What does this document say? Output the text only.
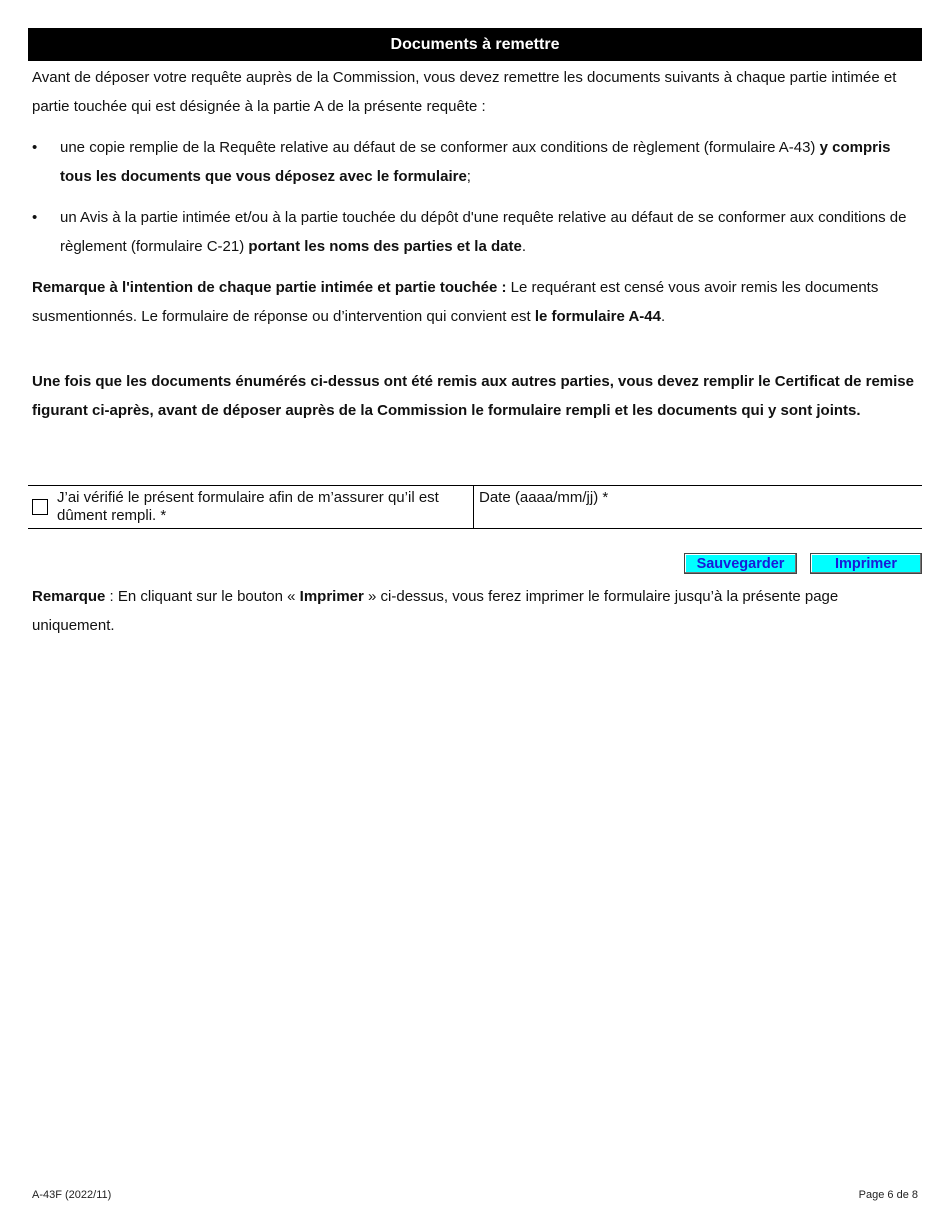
Documents à remettre

Avant de déposer votre requête auprès de la Commission, vous devez remettre les documents suivants à chaque partie intimée et partie touchée qui est désignée à la partie A de la présente requête :

• une copie remplie de la Requête relative au défaut de se conformer aux conditions de règlement (formulaire A-43) y compris tous les documents que vous déposez avec le formulaire;
• un Avis à la partie intimée et/ou à la partie touchée du dépôt d'une requête relative au défaut de se conformer aux conditions de règlement (formulaire C-21) portant les noms des parties et la date.

Remarque à l'intention de chaque partie intimée et partie touchée : Le requérant est censé vous avoir remis les documents susmentionnés. Le formulaire de réponse ou d’intervention qui convient est le formulaire A-44.

Une fois que les documents énumérés ci-dessus ont été remis aux autres parties, vous devez remplir le Certificat de remise figurant ci-après, avant de déposer auprès de la Commission le formulaire rempli et les documents qui y sont joints.

J’ai vérifié le présent formulaire afin de m’assurer qu’il est dûment rempli. *
Date (aaaa/mm/jj) *
Sauvegarder	Imprimer

Remarque : En cliquant sur le bouton « Imprimer » ci-dessus, vous ferez imprimer le formulaire jusqu’à la présente page uniquement.

A-43F (2022/11)	Page 6 de 8
